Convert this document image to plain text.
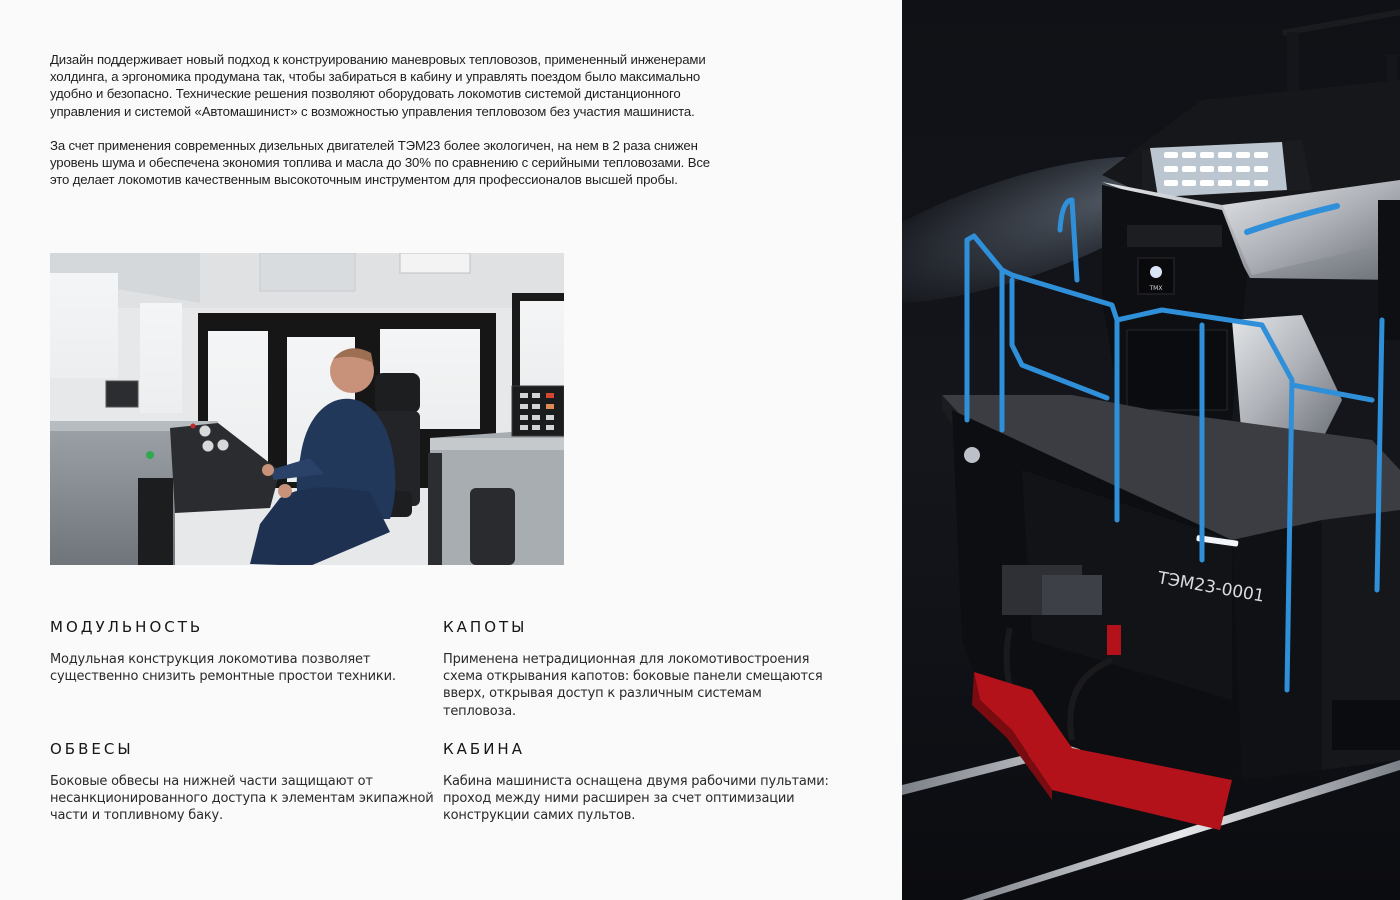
Дизайн поддерживает новый подход к конструированию маневровых тепловозов, примененный инженерами холдинга, а эргономика продумана так, чтобы забираться в кабину и управлять поездом было максимально удобно и безопасно. Технические решения позволяют оборудовать локомотив системой дистанционного управления и системой «Автомашинист» с возможностью управления тепловозом без участия машиниста.

За счет применения современных дизельных двигателей ТЭМ23 более экологичен, на нем в 2 раза снижен уровень шума и обеспечена экономия топлива и масла до 30% по сравнению с серийными тепловозами. Все это делает локомотив качественным высокоточным инструментом для профессионалов высшей пробы.

МОДУЛЬНОСТЬ

Модульная конструкция локомотива позволяет существенно снизить ремонтные простои техники.

КАПОТЫ

Применена нетрадиционная для локомотивостроения схема открывания капотов: боковые панели смещаются вверх, открывая доступ к различным системам тепловоза.

ОБВЕСЫ

Боковые обвесы на нижней части защищают от несанкционированного доступа к элементам экипажной части и топливному баку.

КАБИНА

Кабина машиниста оснащена двумя рабочими пультами: проход между ними расширен за счет оптимизации конструкции самих пультов.

ТМХ
ТЭМ23-0001
